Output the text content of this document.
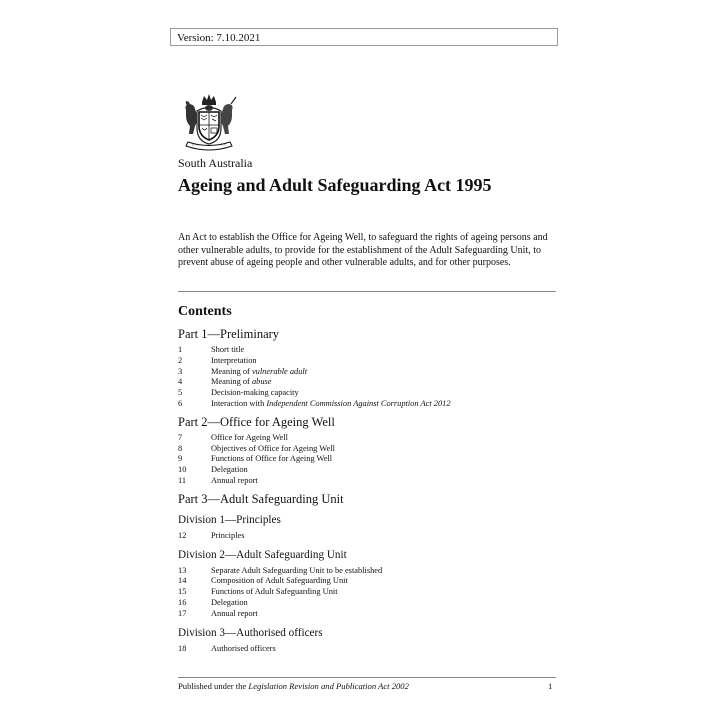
Version: 7.10.2021
South Australia
Ageing and Adult Safeguarding Act 1995
An Act to establish the Office for Ageing Well, to safeguard the rights of ageing persons and other vulnerable adults, to provide for the establishment of the Adult Safeguarding Unit, to prevent abuse of ageing people and other vulnerable adults, and for other purposes.
Contents
Part 1—Preliminary
1	Short title
2	Interpretation
3	Meaning of vulnerable adult
4	Meaning of abuse
5	Decision-making capacity
6	Interaction with Independent Commission Against Corruption Act 2012
Part 2—Office for Ageing Well
7	Office for Ageing Well
8	Objectives of Office for Ageing Well
9	Functions of Office for Ageing Well
10	Delegation
11	Annual report
Part 3—Adult Safeguarding Unit
Division 1—Principles
12	Principles
Division 2—Adult Safeguarding Unit
13	Separate Adult Safeguarding Unit to be established
14	Composition of Adult Safeguarding Unit
15	Functions of Adult Safeguarding Unit
16	Delegation
17	Annual report
Division 3—Authorised officers
18	Authorised officers
Published under the Legislation Revision and Publication Act 2002	1
